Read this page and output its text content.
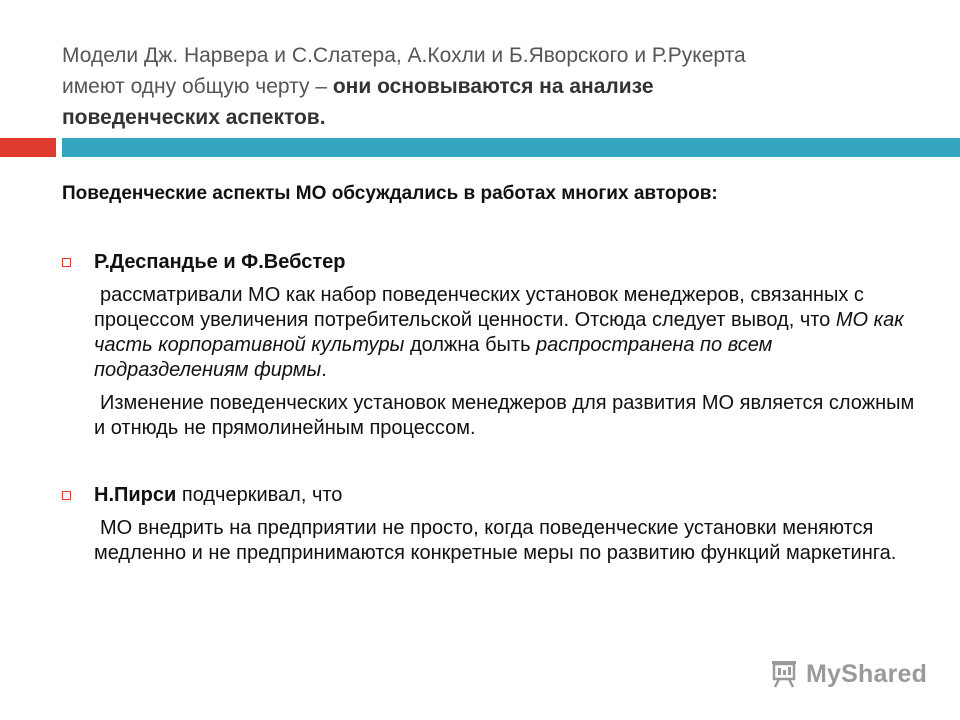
Модели Дж. Нарвера и С.Слатера, А.Кохли и Б.Яворского и Р.Рукерта
имеют одну общую черту – они основываются на анализе
поведенческих аспектов.
Поведенческие аспекты МО обсуждались в работах многих авторов:
Р.Деспандье и Ф.Вебстер
рассматривали МО как набор поведенческих установок менеджеров, связанных с процессом увеличения потребительской ценности. Отсюда следует вывод, что МО как часть корпоративной культуры должна быть распространена по всем подразделениям фирмы.
Изменение поведенческих установок менеджеров для развития МО является сложным и отнюдь не прямолинейным процессом.
Н.Пирси подчеркивал, что
МО внедрить на предприятии не просто, когда поведенческие установки меняются медленно и не предпринимаются конкретные меры по развитию функций маркетинга.
MyShared
